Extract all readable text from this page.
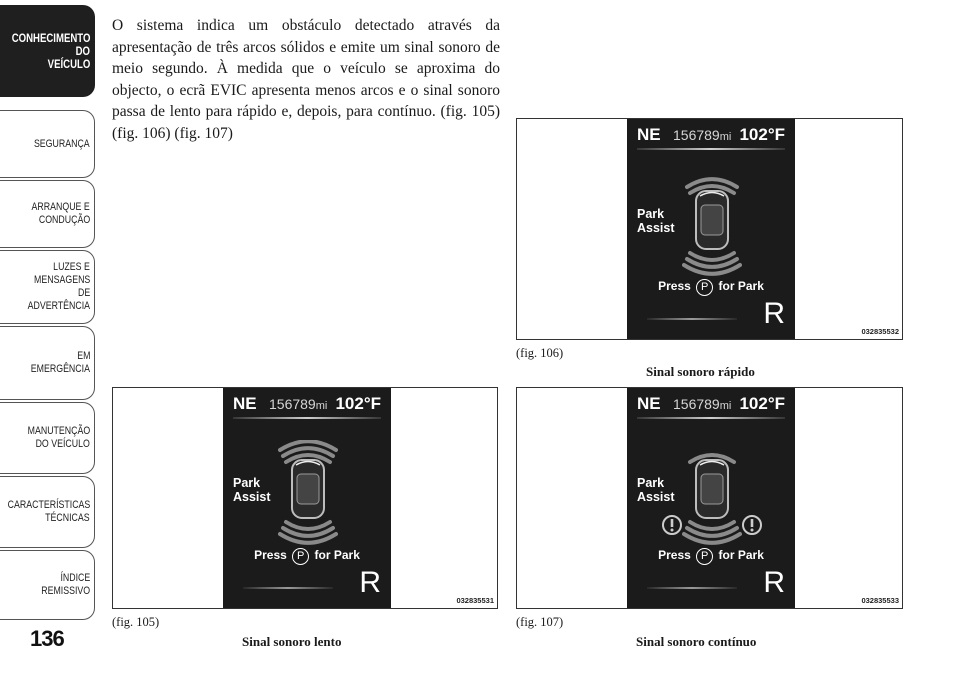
CONHECIMENTO
DO
VEÍCULO
SEGURANÇA
ARRANQUE E
CONDUÇÃO
LUZES E
MENSAGENS
DE
ADVERTÊNCIA
EM
EMERGÊNCIA
MANUTENÇÃO
DO VEÍCULO
CARACTERÍSTICAS
TÉCNICAS
ÍNDICE
REMISSIVO
136
O sistema indica um obstáculo detectado através da apresentação de três arcos sólidos e emite um sinal sonoro de meio segundo. À medida que o veículo se aproxima do objecto, o ecrã EVIC apresenta menos arcos e o sinal sonoro passa de lento para rápido e, depois, para contínuo. (fig. 105) (fig. 106) (fig. 107)	NE 156789mi 102°F
Park
Assist
Press P for Park
R
032835532
(fig. 106)
Sinal sonoro rápido
NE 156789mi 102°F
Park
Assist
Press P for Park
R
032835531
(fig. 105)
Sinal sonoro lento
NE 156789mi 102°F
Park
Assist
Press P for Park
R
032835533
(fig. 107)
Sinal sonoro contínuo
